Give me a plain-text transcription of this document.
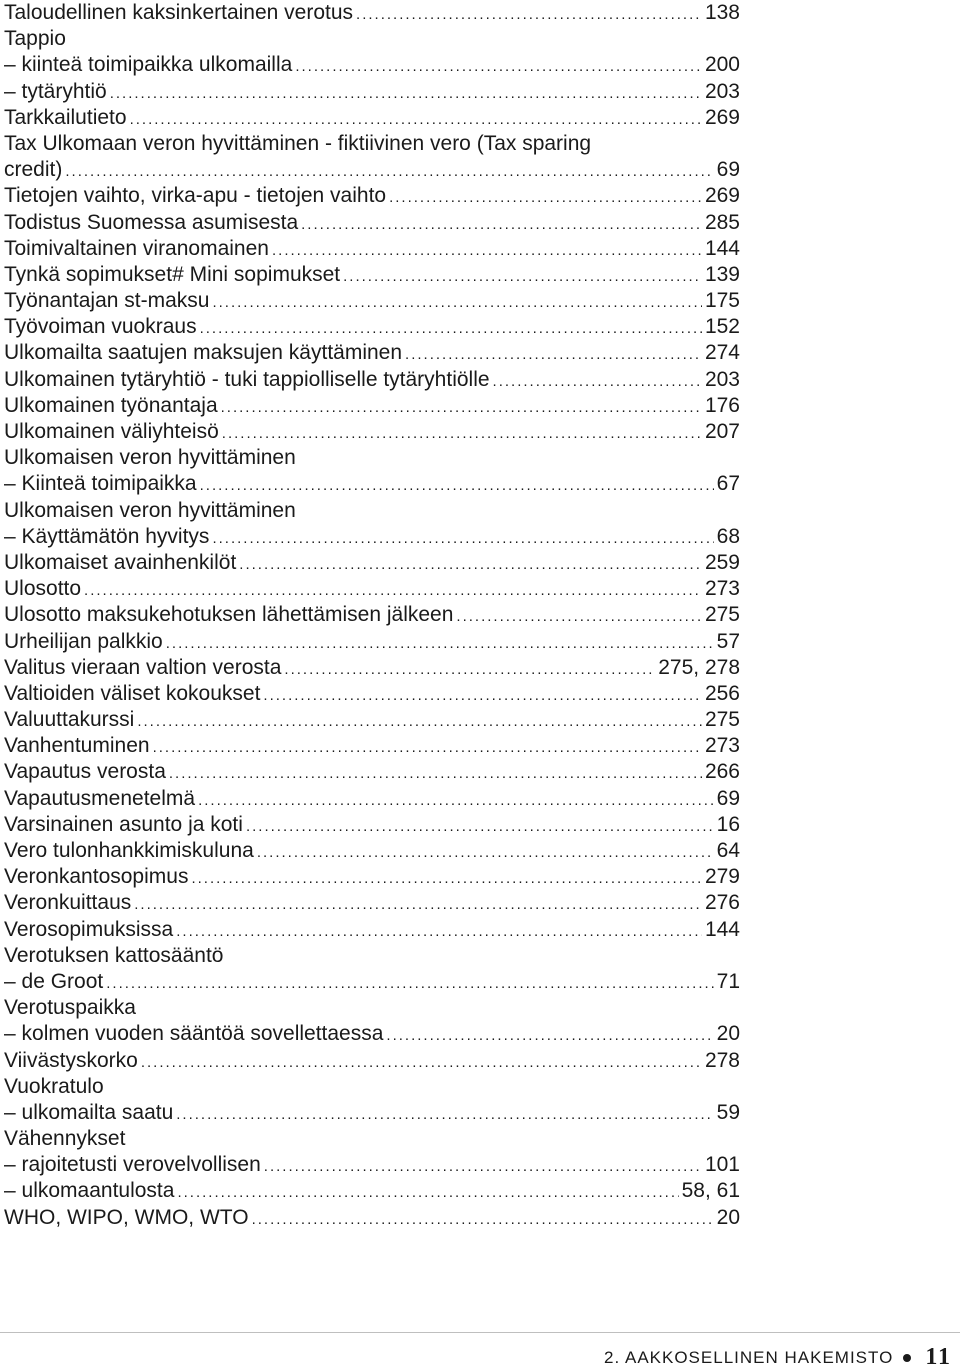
Taloudellinen kaksinkertainen verotus .....	138
Tappio
– kiinteä toimipaikka ulkomailla .....	200
– tytäryhtiö .....	203
Tarkkailutieto .....	269
Tax Ulkomaan veron hyvittäminen - fiktiivinen vero (Tax sparing
credit) .....	69
Tietojen vaihto, virka-apu - tietojen vaihto .....	269
Todistus Suomessa asumisesta .....	285
Toimivaltainen viranomainen .....	144
Tynkä sopimukset# Mini sopimukset .....	139
Työnantajan st-maksu .....	175
Työvoiman vuokraus .....	152
Ulkomailta saatujen maksujen käyttäminen .....	274
Ulkomainen tytäryhtiö - tuki tappiolliselle tytäryhtiölle .....	203
Ulkomainen työnantaja .....	176
Ulkomainen väliyhteisö .....	207
Ulkomaisen veron hyvittäminen
– Kiinteä toimipaikka .....	67
Ulkomaisen veron hyvittäminen
– Käyttämätön hyvitys .....	68
Ulkomaiset avainhenkilöt .....	259
Ulosotto .....	273
Ulosotto maksukehotuksen lähettämisen jälkeen .....	275
Urheilijan palkkio .....	57
Valitus vieraan valtion verosta .....	275, 278
Valtioiden väliset kokoukset .....	256
Valuuttakurssi .....	275
Vanhentuminen .....	273
Vapautus verosta .....	266
Vapautusmenetelmä .....	69
Varsinainen asunto ja koti .....	16
Vero tulonhankkimiskuluna .....	64
Veronkantosopimus .....	279
Veronkuittaus .....	276
Verosopimuksissa .....	144
Verotuksen kattosääntö
– de Groot .....	71
Verotuspaikka
– kolmen vuoden sääntöä sovellettaessa .....	20
Viivästyskorko .....	278
Vuokratulo
– ulkomailta saatu .....	59
Vähennykset
– rajoitetusti verovelvollisen .....	101
– ulkomaantulosta .....	58, 61
WHO, WIPO, WMO, WTO .....	20
2. AAKKOSELLINEN HAKEMISTO 11
